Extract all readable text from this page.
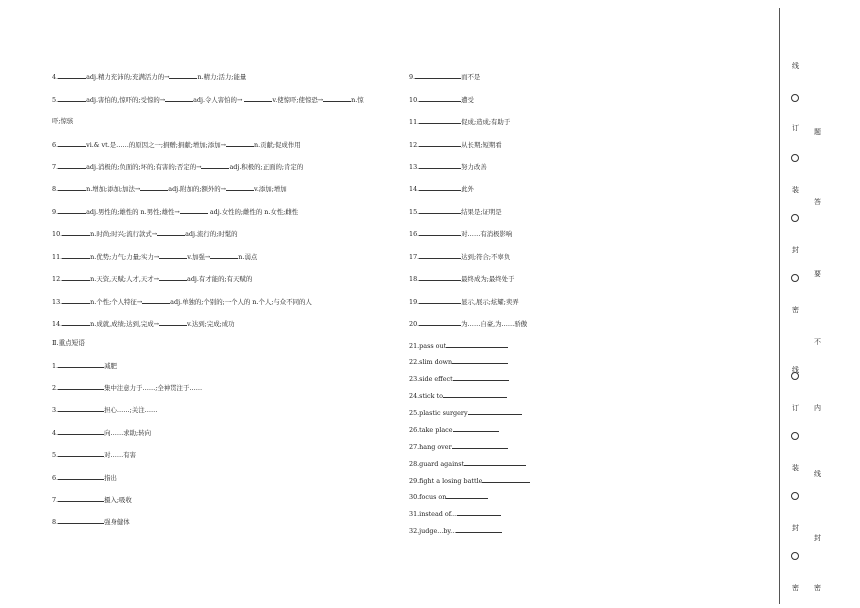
4.	adj.精力充沛的;充满活力的→	n.精力;活力;能量
5.	adj.害怕的,惊吓的;受惊的→	adj.令人害怕的→	v.使惊吓;使惊恐→	n.惊
吓;惊骇
6.	vi.& vt.是……的原因之一;捐赠;捐献;增加;添加→	n.贡献;促成作用
7.	adj.消极的;负面的;坏的;有害的;否定的→	adj.积极的;正面的;肯定的
8.	n.增加;添加;加法→	adj.附加的;额外的→	v.添加;增加
9.	adj.男性的;雄性的 n.男性;雄性→	adj.女性的;雌性的 n.女性;雌性
10.	n.时尚;时兴;流行款式→	adj.流行的;时髦的
11.	n.优势;力气;力量;实力→	v.加强→	n.弱点
12.	n.天资,天赋;人才,天才→	adj.有才能的;有天赋的
13.	n.个性;个人特征→	adj.单独的;个别的;一个人的 n.个人;与众不同的人
14.	n.成就,成绩;达到,完成→	v.达到;完成;成功
Ⅱ.重点短语
1.	减肥
2.	集中注意力于……;全神贯注于……
3.	担心……;关注……
4.	向……求助;转向
5.	对……有害
6.	指出
7.	摄入;吸收
8.	强身健体
9.	而不是
10.	遭受
11.	促成;造成;有助于
12.	从长期;短期看
13.	努力改善
14.	此外
15.	结果是;证明是
16.	对……有消极影响
17.	达到;符合;不辜负
18.	最终成为;最终处于
19.	显示,展示;炫耀;卖弄
20.	为……自豪,为……骄傲
21.pass out
22.slim down
23.side effect
24.stick to
25.plastic surgery
26.take place
27.hang over
28.guard against
29.fight a losing battle
30.focus on
31.instead of...
32.judge...by...
线
订
装
封
密
线
订
装
封
密
题
答
要
不
内
线
封
密
